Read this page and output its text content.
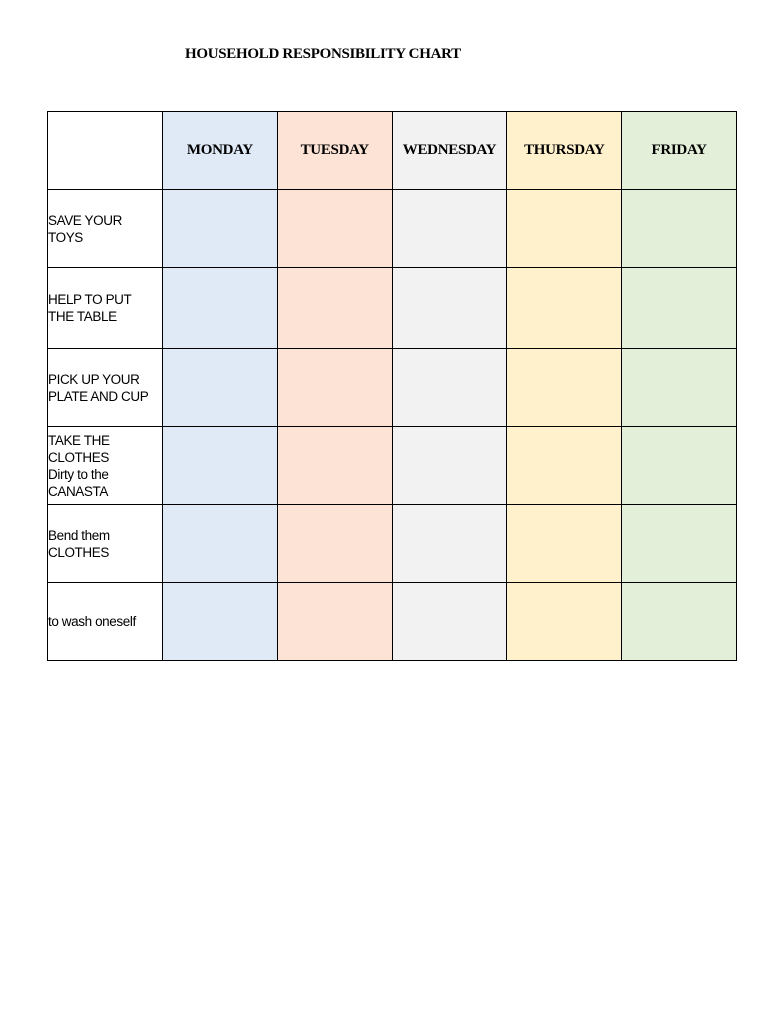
HOUSEHOLD RESPONSIBILITY CHART
	MONDAY	TUESDAY	WEDNESDAY	THURSDAY	FRIDAY

SAVE YOUR
TOYS					

HELP TO PUT
THE TABLE					

PICK UP YOUR
PLATE AND CUP					

TAKE THE CLOTHES
Dirty to the
CANASTA					

Bend them
CLOTHES					

to wash oneself					
